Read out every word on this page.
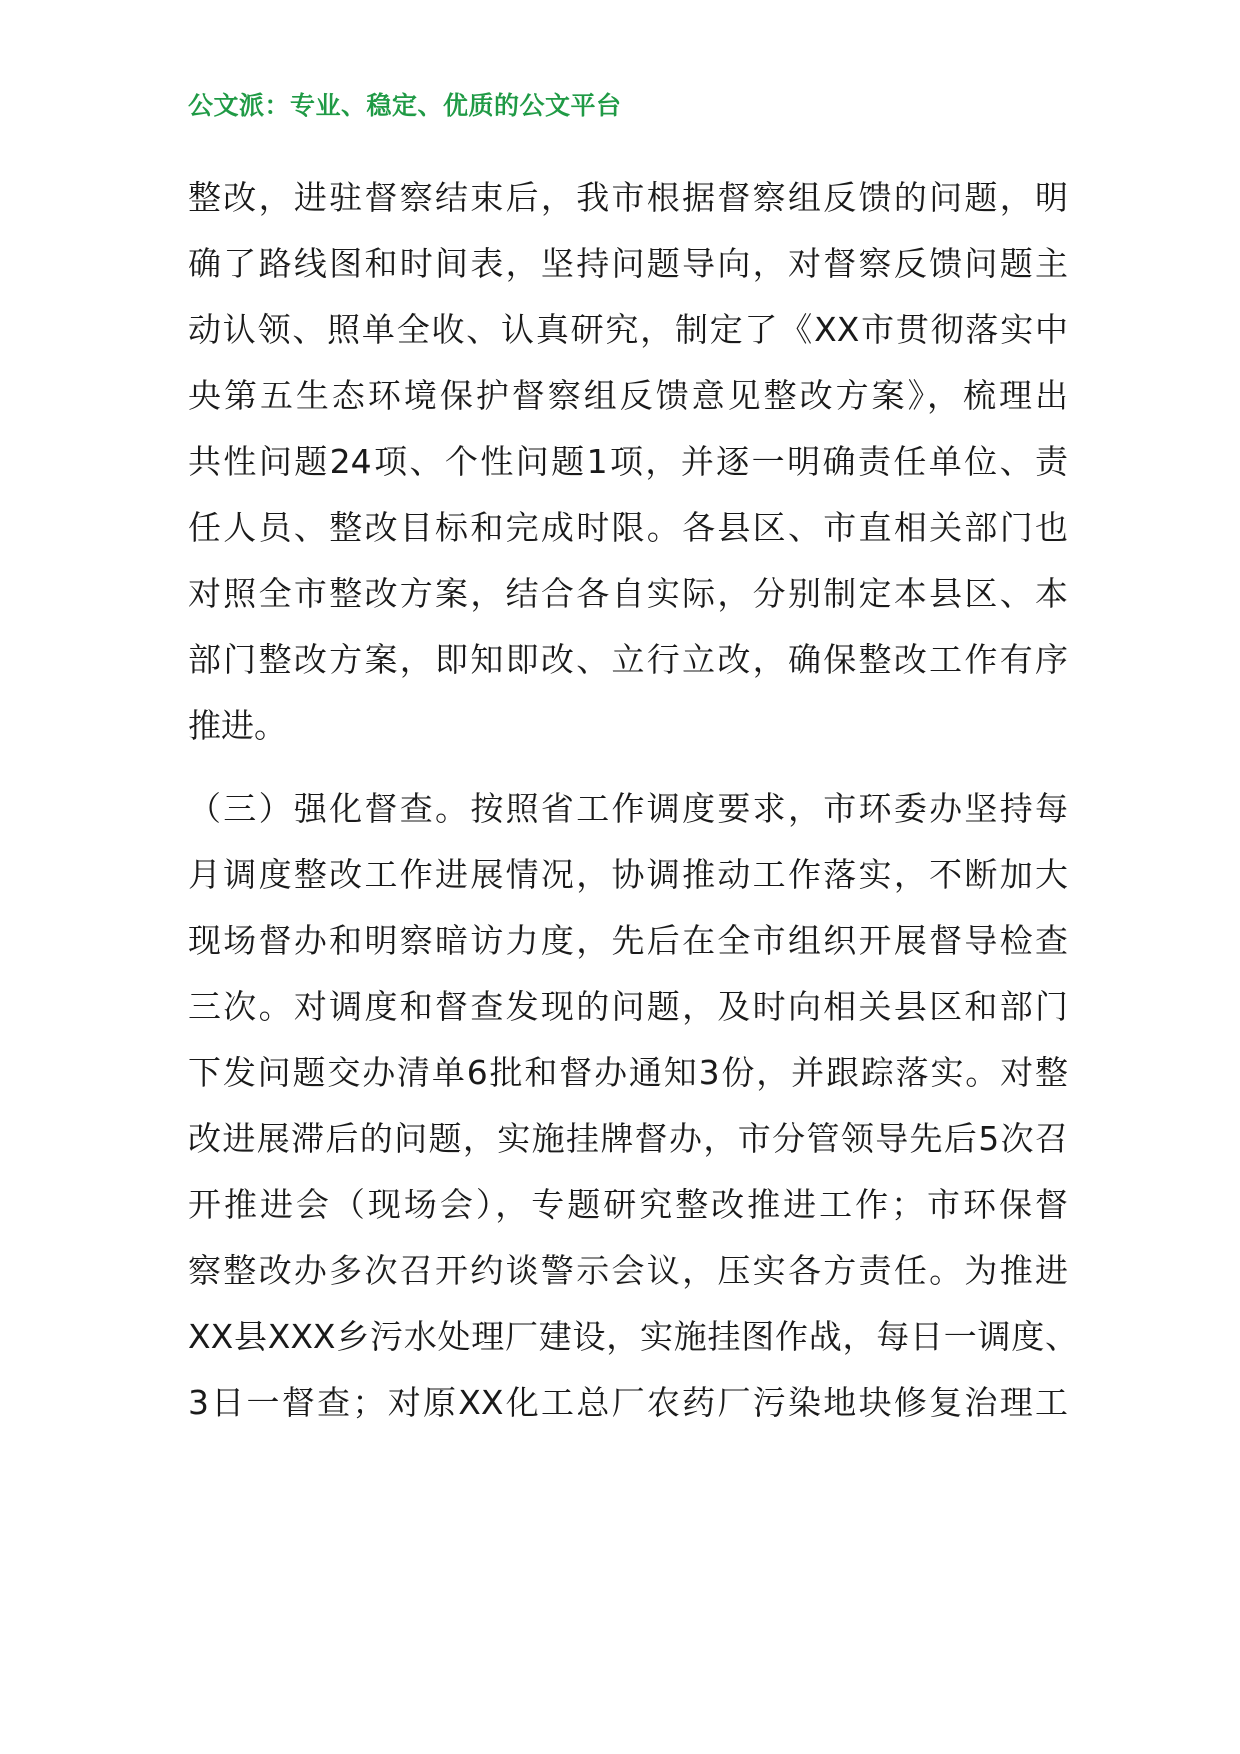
公文派：专业、稳定、优质的公文平台
整改，进驻督察结束后，我市根据督察组反馈的问题，明
确了路线图和时间表，坚持问题导向，对督察反馈问题主
动认领、照单全收、认真研究，制定了《XX市贯彻落实中
央第五生态环境保护督察组反馈意见整改方案》，梳理出
共性问题24项、个性问题1项，并逐一明确责任单位、责
任人员、整改目标和完成时限。各县区、市直相关部门也
对照全市整改方案，结合各自实际，分别制定本县区、本
部门整改方案，即知即改、立行立改，确保整改工作有序
推进。
（三）强化督查。按照省工作调度要求，市环委办坚持每
月调度整改工作进展情况，协调推动工作落实，不断加大
现场督办和明察暗访力度，先后在全市组织开展督导检查
三次。对调度和督查发现的问题，及时向相关县区和部门
下发问题交办清单6批和督办通知3份，并跟踪落实。对整
改进展滞后的问题，实施挂牌督办，市分管领导先后5次召
开推进会（现场会），专题研究整改推进工作；市环保督
察整改办多次召开约谈警示会议，压实各方责任。为推进
XX县XXX乡污水处理厂建设，实施挂图作战，每日一调度、
3日一督查；对原XX化工总厂农药厂污染地块修复治理工
